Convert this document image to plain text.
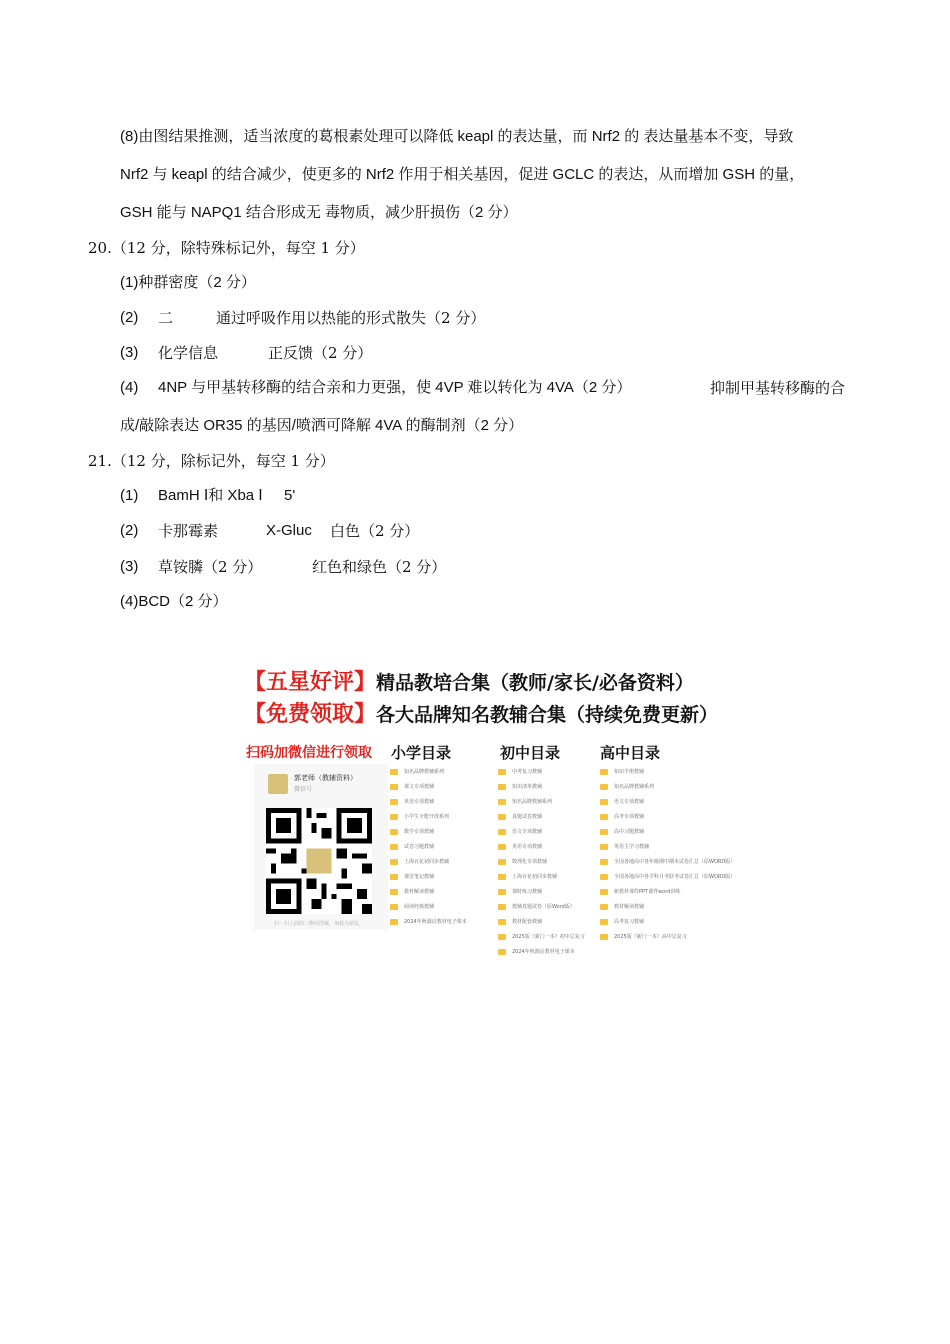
(8)由图结果推测，适当浓度的葛根素处理可以降低 keapl 的表达量，而 Nrf2 的 表达量基本不变，导致
Nrf2 与 keapl 的结合减少，使更多的 Nrf2 作用于相关基因，促进 GCLC 的表达，从而增加 GSH 的量，
GSH 能与 NAPQ1 结合形成无 毒物质，减少肝损伤（2 分）
20.（12 分，除特殊标记外，每空 1 分）
(1)种群密度（2 分）
(2) 二	通过呼吸作用以热能的形式散失（2 分）
(3) 化学信息	正反馈（2 分）
(4) 4NP 与甲基转移酶的结合亲和力更强，使 4VP 难以转化为 4VA（2 分）	抑制甲基转移酶的合
成/敲除表达 OR35 的基因/喷洒可降解 4VA 的酶制剂（2 分）
21.（12 分，除标记外，每空 1 分）
(1) BamH Ⅰ和 Xba Ⅰ 5'
(2) 卡那霉素	X-Gluc 白色（2 分）
(3) 草铵膦（2 分）	红色和绿色（2 分）
(4)BCD（2 分）
【五星好评】精品教培合集（教师/家长/必备资料）
【免费领取】各大品牌知名教辅合集（持续免费更新）
扫码加微信进行领取
郭老师（教辅资料）
微信号
扫一扫上面的二维码图案，加我为朋友。
小学目录	初中目录	高中目录
知名品牌教辅系列
课文专项教辅
英语专项教辅
小学生全能开放系列
数学专项教辅
试卷习题教辅
上海百花初同步教辅
课堂笔记教辅
教材解读教辅
阅读经典教辅
2024年秋源启教材电子课本
中考复习教辅
知识清单教辅
知名品牌教辅系列
真题试卷教辅
语文专项教辅
英语专项教辅
数理化专项教辅
上海百花初同步教辅
课时练习教辅
教辅真题试卷（原Word版）
教材配套教辅
2025版《新门一本》初中总复习
2024年秋源启教材电子课本
知识手册教辅
知名品牌教辅系列
语文专项教辅
高考专项教辅
高中习题教辅
英语主学习教辅
全国各地高中各年级期中期末试卷汇总（原WORD版）
全国各地高中各学科月考联考试卷汇总（原WORD版）
新教材课件PPT课件word讲练
教材解读教辅
高考复习教辅
2025版《新门一本》高中总复习
